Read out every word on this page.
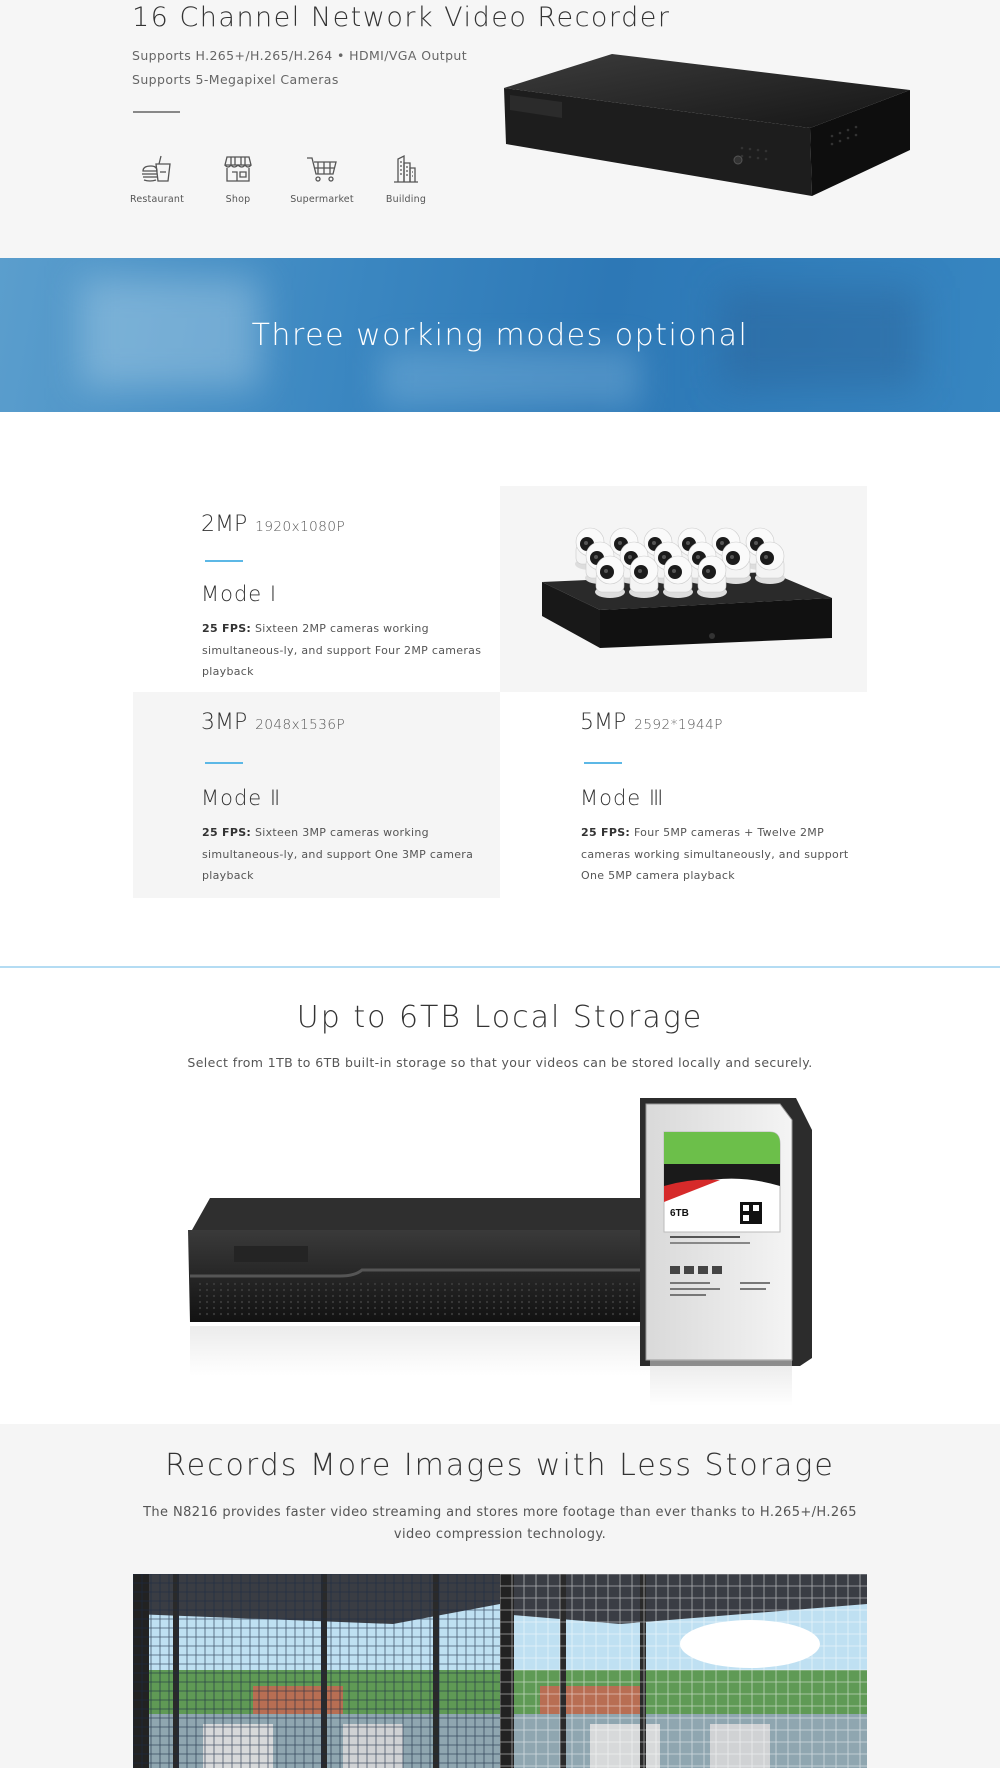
16 Channel Network Video Recorder
Supports H.265+/H.265/H.264 • HDMI/VGA Output
Supports 5-Megapixel Cameras
Restaurant	Shop	Supermarket	Building
Three working modes optional
2MP 1920x1080P
Mode Ⅰ

25 FPS: Sixteen 2MP cameras working simultaneous-ly, and support Four 2MP cameras playback

3MP 2048x1536P
Mode Ⅱ

25 FPS: Sixteen 3MP cameras working simultaneous-ly, and support One 3MP camera playback

5MP 2592*1944P
Mode Ⅲ

25 FPS: Four 5MP cameras + Twelve 2MP cameras working simultaneously, and support One 5MP camera playback

Up to 6TB Local Storage

Select from 1TB to 6TB built-in storage so that your videos can be stored locally and securely.

6TB
Records More Images with Less Storage

The N8216 provides faster video streaming and stores more footage than ever thanks to H.265+/H.265 video compression technology.
